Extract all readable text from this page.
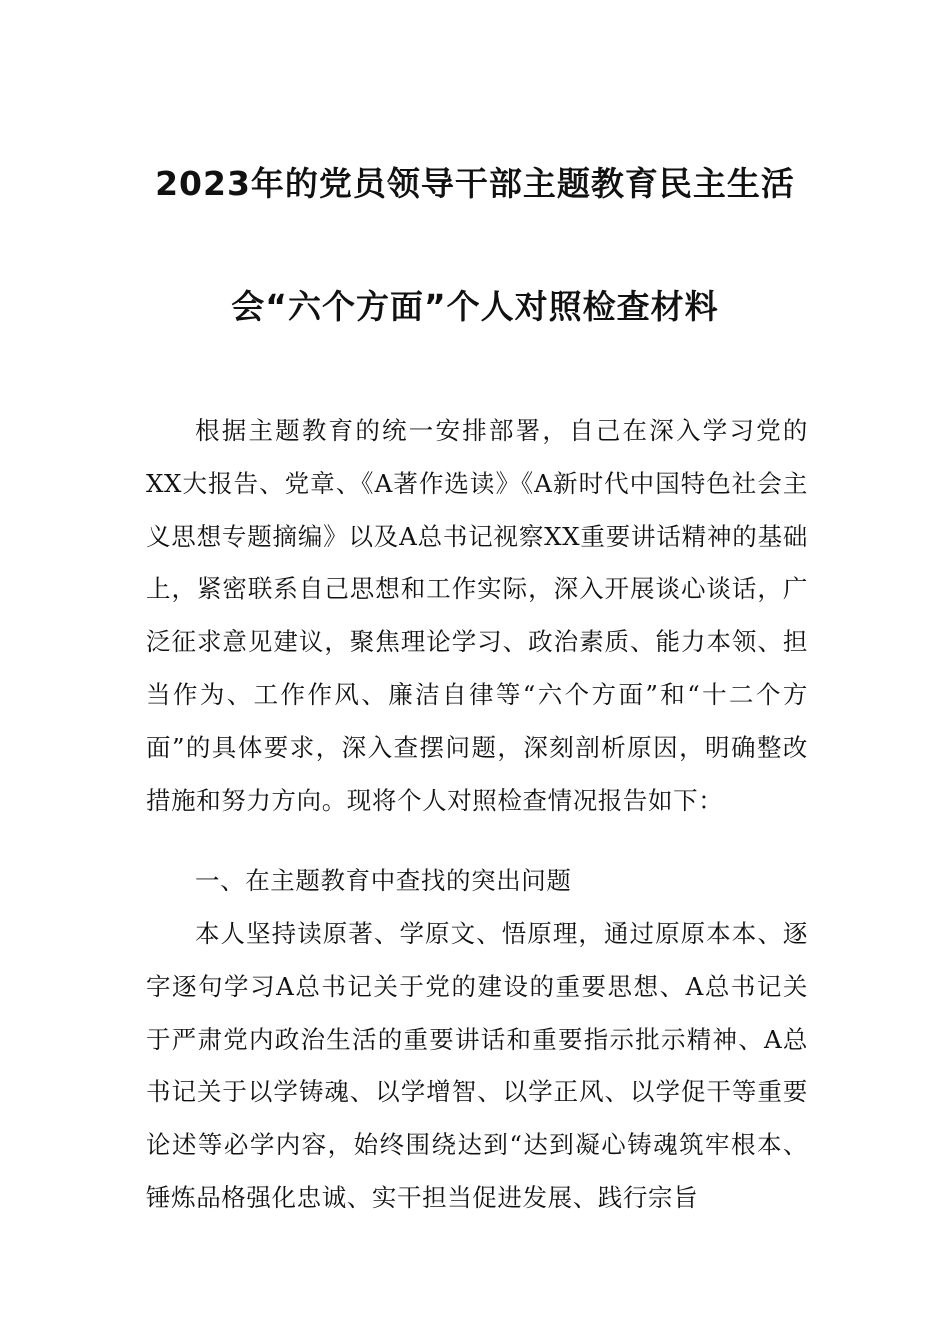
2023年的党员领导干部主题教育民主生活
会“六个方面”个人对照检查材料

根据主题教育的统一安排部署，自己在深入学习党的XX大报告、党章、《A著作选读》《A新时代中国特色社会主义思想专题摘编》以及A总书记视察XX重要讲话精神的基础上，紧密联系自己思想和工作实际，深入开展谈心谈话，广泛征求意见建议，聚焦理论学习、政治素质、能力本领、担当作为、工作作风、廉洁自律等“六个方面”和“十二个方面”的具体要求，深入查摆问题，深刻剖析原因，明确整改措施和努力方向。现将个人对照检查情况报告如下：

一、在主题教育中查找的突出问题

本人坚持读原著、学原文、悟原理，通过原原本本、逐字逐句学习A总书记关于党的建设的重要思想、A总书记关于严肃党内政治生活的重要讲话和重要指示批示精神、A总书记关于以学铸魂、以学增智、以学正风、以学促干等重要论述等必学内容，始终围绕达到“达到凝心铸魂筑牢根本、锤炼品格强化忠诚、实干担当促进发展、践行宗旨
